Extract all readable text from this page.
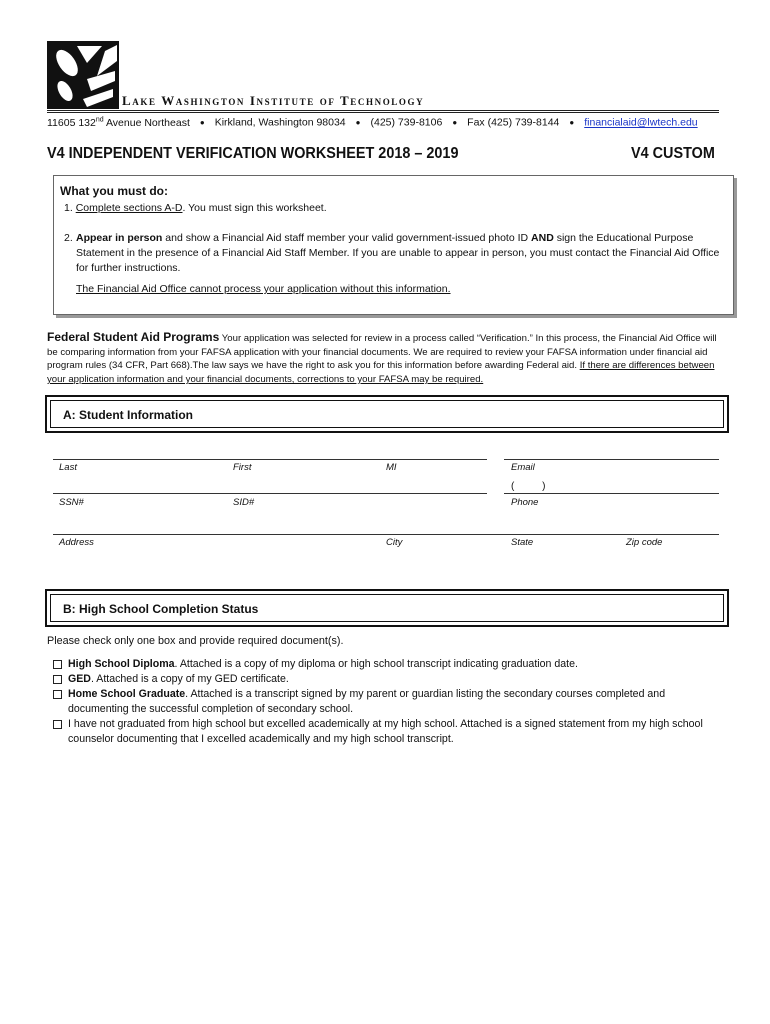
Lake Washington Institute of Technology
11605 132nd Avenue Northeast ● Kirkland, Washington 98034 ● (425) 739-8106 ● Fax (425) 739-8144 ● financialaid@lwtech.edu
V4 INDEPENDENT VERIFICATION WORKSHEET 2018 – 2019	V4 CUSTOM
What you must do:
1. Complete sections A-D. You must sign this worksheet.
2. Appear in person and show a Financial Aid staff member your valid government-issued photo ID AND sign the Educational Purpose Statement in the presence of a Financial Aid Staff Member. If you are unable to appear in person, you must contact the Financial Aid Office for further instructions.
The Financial Aid Office cannot process your application without this information.
Federal Student Aid Programs Your application was selected for review in a process called “Verification.” In this process, the Financial Aid Office will be comparing information from your FAFSA application with your financial documents. We are required to review your FAFSA information under financial aid program rules (34 CFR, Part 668).The law says we have the right to ask you for this information before awarding Federal aid. If there are differences between your application information and your financial documents, corrections to your FAFSA may be required.
A: Student Information
Last	First	MI	Email
(          )
SSN#	SID#	Phone
Address	City	State	Zip code
B: High School Completion Status
Please check only one box and provide required document(s).
High School Diploma. Attached is a copy of my diploma or high school transcript indicating graduation date.
GED. Attached is a copy of my GED certificate.
Home School Graduate. Attached is a transcript signed by my parent or guardian listing the secondary courses completed and documenting the successful completion of secondary school.
I have not graduated from high school but excelled academically at my high school. Attached is a signed statement from my high school counselor documenting that I excelled academically and my high school transcript.
